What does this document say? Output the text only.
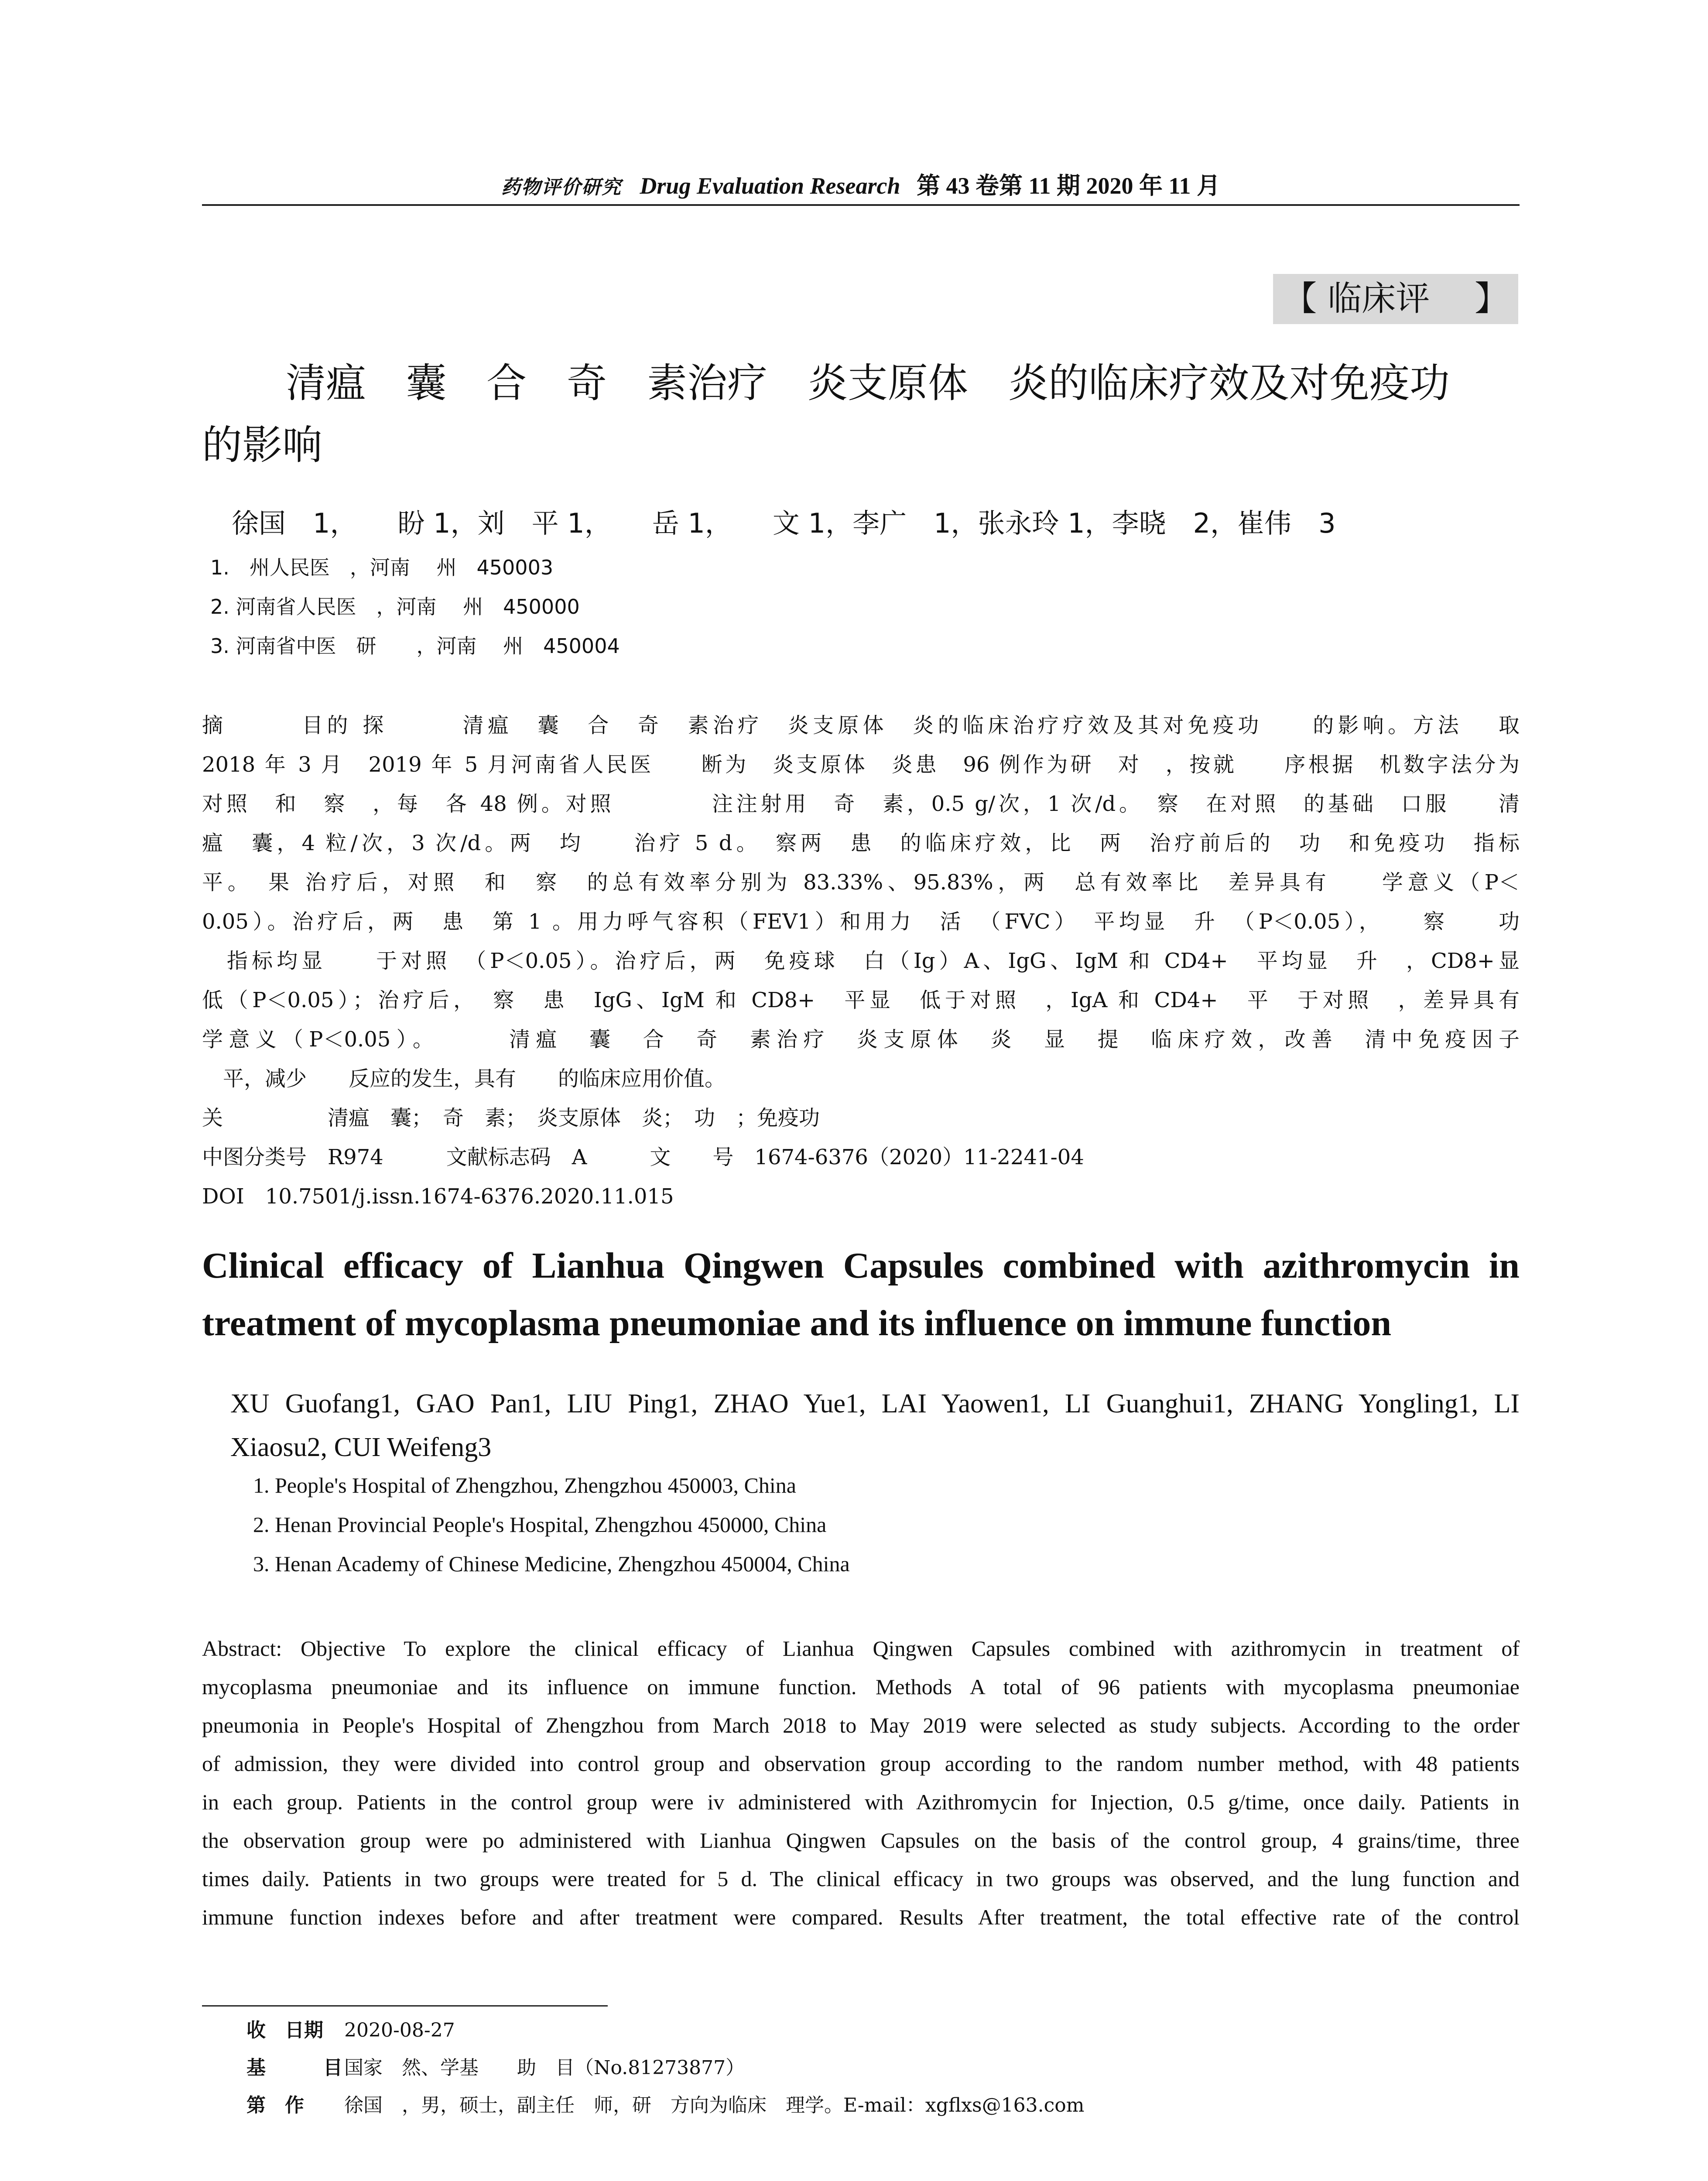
药物评价研究 Drug Evaluation Research 第 43 卷第 11 期 2020 年 11 月
【 临床评　 】
清瘟　囊　合　奇　素治疗　炎支原体　炎的临床疗效及对免疫功
的影响
徐国　1，　　盼 1，刘　平 1，　　岳 1，　　文 1，李广　1，张永玲 1，李晓　2，崔伟　3
1.　州人民医　，河南　 州　450003
2. 河南省人民医　，河南　 州　450000
3. 河南省中医　研　　，河南　 州　450004
摘　　　目的 探　　　清瘟　囊　合　奇　素治疗　炎支原体　炎的临床治疗疗效及其对免疫功　　的影响。方法　 取
2018 年 3 月　2019 年 5 月河南省人民医　　断为　炎支原体　炎患　96 例作为研　对　，按就　　序根据　机数字法分为
对照　和　察　，每　各 48 例。对照　　　　注注射用　奇　素，0.5 g/次，1 次/d。　察　在对照　的基础　口服　　清
瘟　囊，4 粒/次，3 次/d。两　均　　治疗 5 d。　察两　患　的临床疗效，比　两　治疗前后的　功　和免疫功　指标
平。　果 治疗后，对照　和　察　的总有效率分别为 83.33%、95.83%，两　总有效率比　差异具有　　学意义（P＜
0.05）。治疗后，两　患　第 1 。用力呼气容积（FEV1）和用力　活　（FVC）　平均显　升　（P＜0.05），　　察　　功
　指标均显　　于对照　（P＜0.05）。治疗后，两　免疫球　白（Ig）A、IgG、IgM 和 CD4+　平均显　升　，CD8+显
低（P＜0.05）；治疗后，　察　患　IgG、IgM 和 CD8+　平显　低于对照　，IgA 和 CD4+　平　于对照　，差异具有
学意义（P＜0.05）。　　　清瘟　囊　合　奇　素治疗　炎支原体　炎　显　提　临床疗效，改善　清中免疫因子
　平，减少　　反应的发生，具有　　的临床应用价值。
关　　　　　清瘟　囊；　奇　素；　炎支原体　炎；　功　；免疫功
中图分类号　R974　　　文献标志码　A　　　文　　号　1674-6376（2020）11-2241-04
DOI　10.7501/j.issn.1674-6376.2020.11.015
Clinical efficacy of Lianhua Qingwen Capsules combined with azithromycin in
treatment of mycoplasma pneumoniae and its influence on immune function
XU Guofang1, GAO Pan1, LIU Ping1, ZHAO Yue1, LAI Yaowen1, LI Guanghui1, ZHANG Yongling1, LI
Xiaosu2, CUI Weifeng3
1. People's Hospital of Zhengzhou, Zhengzhou 450003, China
2. Henan Provincial People's Hospital, Zhengzhou 450000, China
3. Henan Academy of Chinese Medicine, Zhengzhou 450004, China
Abstract: Objective To explore the clinical efficacy of Lianhua Qingwen Capsules combined with azithromycin in treatment of
mycoplasma pneumoniae and its influence on immune function. Methods A total of 96 patients with mycoplasma pneumoniae
pneumonia in People's Hospital of Zhengzhou from March 2018 to May 2019 were selected as study subjects. According to the order
of admission, they were divided into control group and observation group according to the random number method, with 48 patients
in each group. Patients in the control group were iv administered with Azithromycin for Injection, 0.5 g/time, once daily. Patients in
the observation group were po administered with Lianhua Qingwen Capsules on the basis of the control group, 4 grains/time, three
times daily. Patients in two groups were treated for 5 d. The clinical efficacy in two groups was observed, and the lung function and
immune function indexes before and after treatment were compared. Results After treatment, the total effective rate of the control
收　日期 2020-08-27
基　　　目 国家　然、学基　　助　目（No.81273877）
第　作　 徐国　，男，硕士，副主任　师，研　方向为临床　理学。E-mail：xgflxs@163.com
